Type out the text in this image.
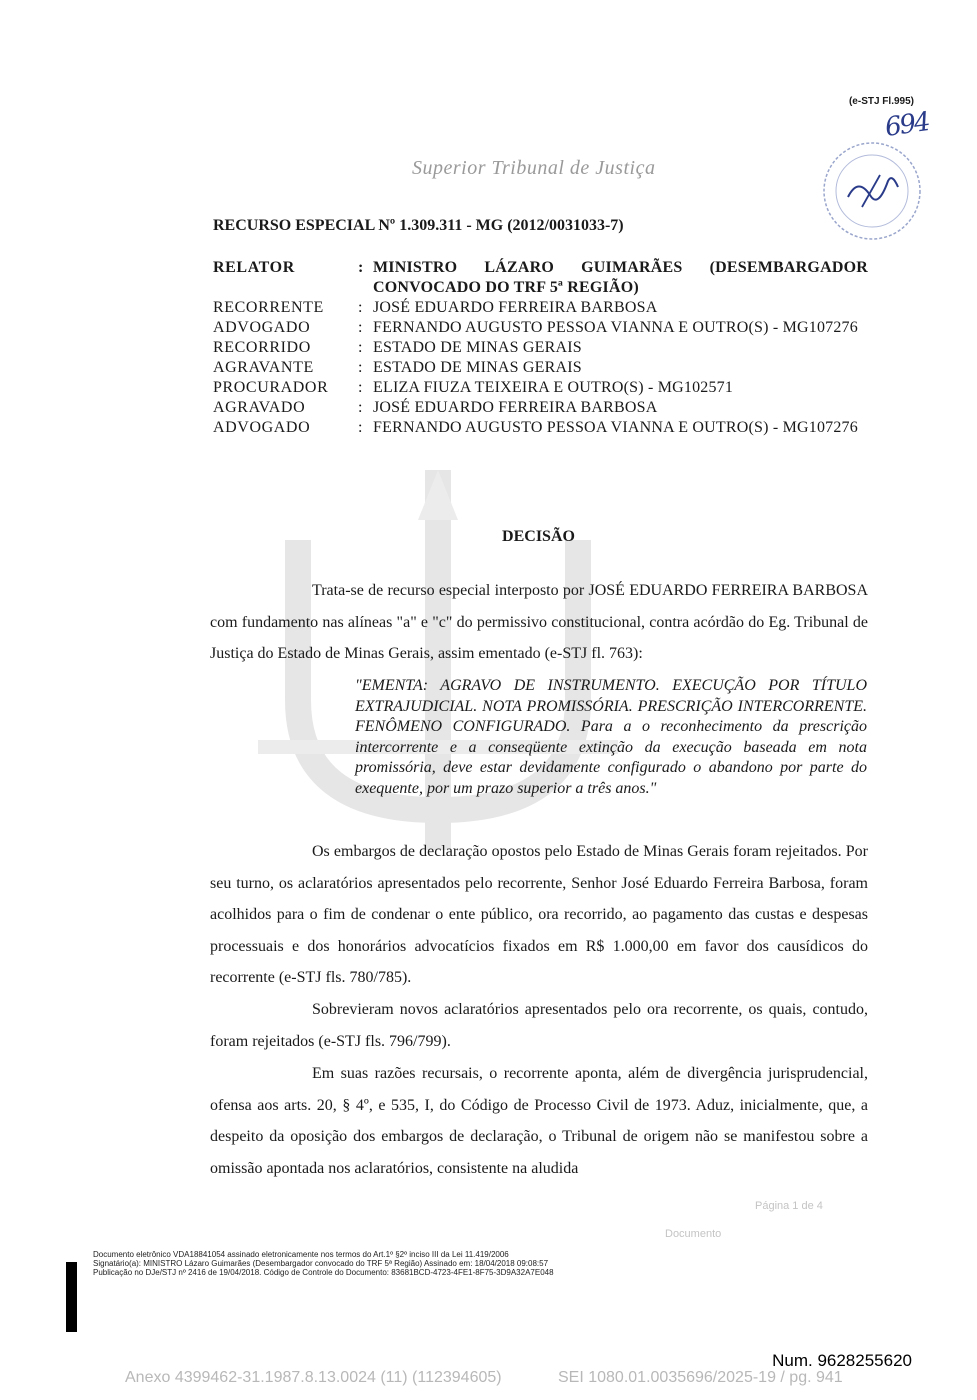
(e-STJ Fl.995)
694
Superior Tribunal de Justiça
RECURSO ESPECIAL Nº 1.309.311 - MG (2012/0031033-7)
RELATOR	: MINISTRO LÁZARO GUIMARÃES (DESEMBARGADOR CONVOCADO DO TRF 5ª REGIÃO)
RECORRENTE	: JOSÉ EDUARDO FERREIRA BARBOSA
ADVOGADO	: FERNANDO AUGUSTO PESSOA VIANNA E OUTRO(S) - MG107276
RECORRIDO	: ESTADO DE MINAS GERAIS
AGRAVANTE	: ESTADO DE MINAS GERAIS
PROCURADOR	: ELIZA FIUZA TEIXEIRA E OUTRO(S) - MG102571
AGRAVADO	: JOSÉ EDUARDO FERREIRA BARBOSA
ADVOGADO	: FERNANDO AUGUSTO PESSOA VIANNA E OUTRO(S) - MG107276
DECISÃO
Trata-se de recurso especial interposto por JOSÉ EDUARDO FERREIRA BARBOSA com fundamento nas alíneas "a" e "c" do permissivo constitucional, contra acórdão do Eg. Tribunal de Justiça do Estado de Minas Gerais, assim ementado (e-STJ fl. 763):
"EMENTA: AGRAVO DE INSTRUMENTO. EXECUÇÃO POR TÍTULO EXTRAJUDICIAL. NOTA PROMISSÓRIA. PRESCRIÇÃO INTERCORRENTE. FENÔMENO CONFIGURADO. Para a o reconhecimento da prescrição intercorrente e a conseqüente extinção da execução baseada em nota promissória, deve estar devidamente configurado o abandono por parte do exequente, por um prazo superior a três anos."
Os embargos de declaração opostos pelo Estado de Minas Gerais foram rejeitados. Por seu turno, os aclaratórios apresentados pelo recorrente, Senhor José Eduardo Ferreira Barbosa, foram acolhidos para o fim de condenar o ente público, ora recorrido, ao pagamento das custas e despesas processuais e dos honorários advocatícios fixados em R$ 1.000,00 em favor dos causídicos do recorrente (e-STJ fls. 780/785).
Sobrevieram novos aclaratórios apresentados pelo ora recorrente, os quais, contudo, foram rejeitados (e-STJ fls. 796/799).
Em suas razões recursais, o recorrente aponta, além de divergência jurisprudencial, ofensa aos arts. 20, § 4º, e 535, I, do Código de Processo Civil de 1973. Aduz, inicialmente, que, a despeito da oposição dos embargos de declaração, o Tribunal de origem não se manifestou sobre a omissão apontada nos aclaratórios, consistente na aludida
Página 1 de 4
Documento
Documento eletrônico VDA18841054 assinado eletronicamente nos termos do Art.1º §2º inciso III da Lei 11.419/2006
Signatário(a): MINISTRO Lázaro Guimarães (Desembargador convocado do TRF 5ª Região) Assinado em: 18/04/2018 09:08:57
Publicação no DJe/STJ nº 2416 de 19/04/2018. Código de Controle do Documento: 83681BCD-4723-4FE1-8F75-3D9A32A7E048
Num. 9628255620
Anexo 4399462-31.1987.8.13.0024 (11) (112394605)	SEI 1080.01.0035696/2025-19 / pg. 941
